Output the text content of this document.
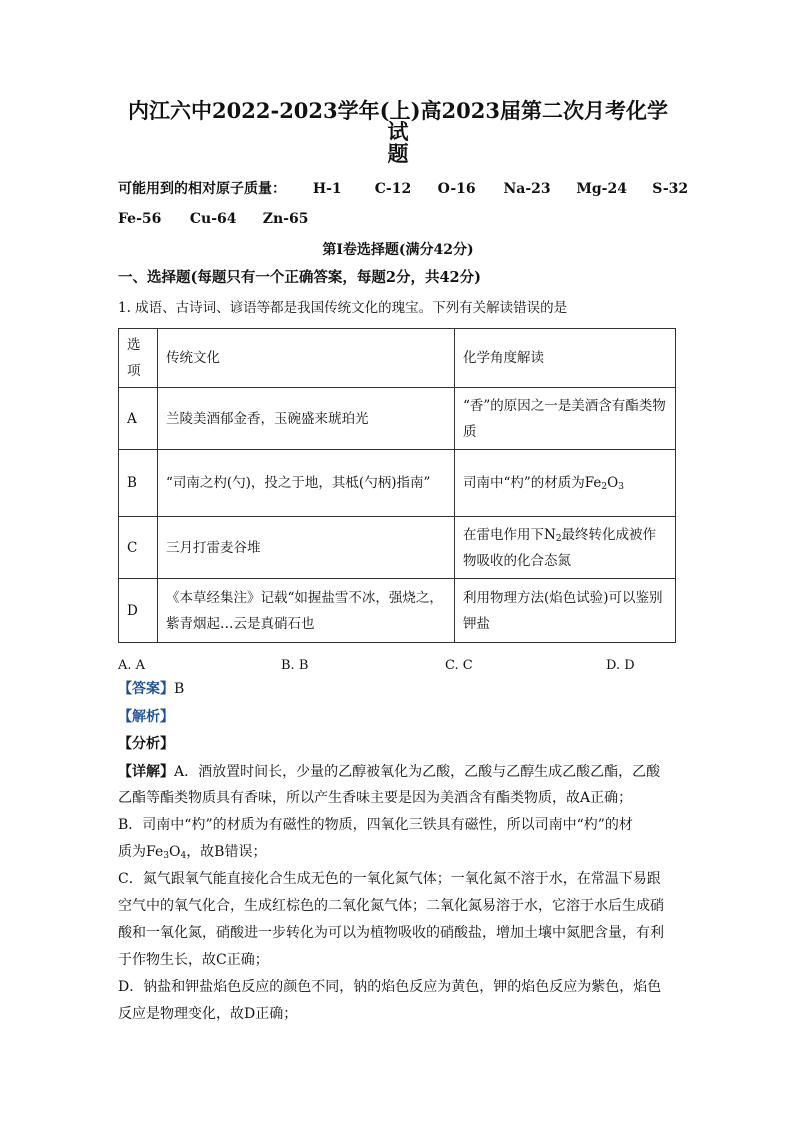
内江六中2022-2023学年(上)高2023届第二次月考化学试
题
可能用到的相对原子质量： H-1 C-12 O-16 Na-23 Mg-24 S-32
Fe-56 Cu-64 Zn-65
第I卷选择题(满分42分)
一、选择题(每题只有一个正确答案，每题2分，共42分)
1. 成语、古诗词、谚语等都是我国传统文化的瑰宝。下列有关解读错误的是
选项	传统文化	化学角度解读
A	兰陵美酒郁金香，玉碗盛来琥珀光	“香”的原因之一是美酒含有酯类物质
B	“司南之杓(勺)，投之于地，其柢(勺柄)指南”	司南中“杓”的材质为$Fe_2O_3$
C	三月打雷麦谷堆	在雷电作用下$N_2$最终转化成被作物吸收的化合态氮
D	《本草经集注》记载“如握盐雪不冰，强烧之，紫青烟起…云是真硝石也	利用物理方法(焰色试验)可以鉴别钾盐
A. A	B. B	C. C	D. D
【答案】B
【解析】
【分析】
【详解】A．酒放置时间长，少量的乙醇被氧化为乙酸，乙酸与乙醇生成乙酸乙酯，乙酸
乙酯等酯类物质具有香味，所以产生香味主要是因为美酒含有酯类物质，故A正确；
B．司南中“杓”的材质为有磁性的物质，四氧化三铁具有磁性，所以司南中“杓”的材
质为$Fe_3O_4$，故B错误；
C．氮气跟氧气能直接化合生成无色的一氧化氮气体；一氧化氮不溶于水，在常温下易跟
空气中的氧气化合，生成红棕色的二氧化氮气体；二氧化氮易溶于水，它溶于水后生成硝
酸和一氧化氮，硝酸进一步转化为可以为植物吸收的硝酸盐，增加土壤中氮肥含量，有利
于作物生长，故C正确；
D．钠盐和钾盐焰色反应的颜色不同，钠的焰色反应为黄色，钾的焰色反应为紫色，焰色
反应是物理变化，故D正确；
